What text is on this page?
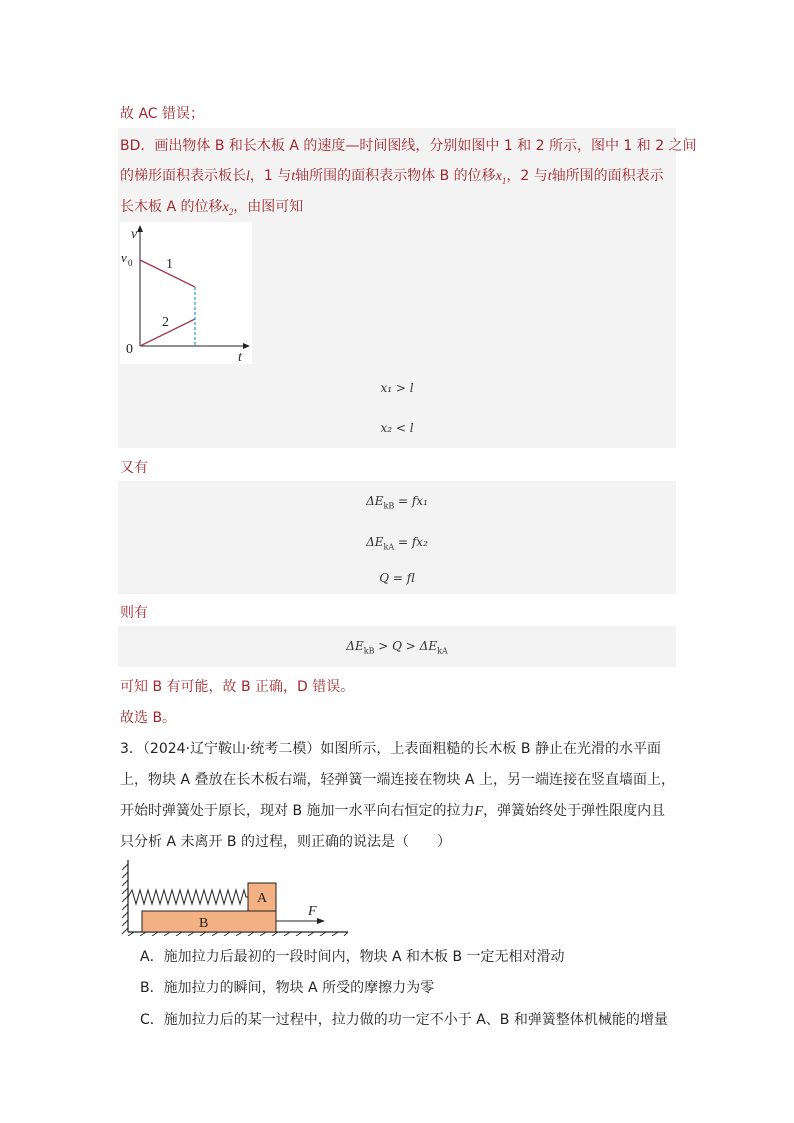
故 AC 错误；
BD．画出物体 B 和长木板 A 的速度—时间图线，分别如图中 1 和 2 所示，图中 1 和 2 之间
的梯形面积表示板长l，1 与t轴所围的面积表示物体 B 的位移$x_1$，2 与t轴所围的面积表示
长木板 A 的位移$x_2$，由图可知
v
v 0 1
2
0
t
x₁ > l
x₂ < l
又有
$\Delta E_{kB} = fx_1$
$\Delta E_{kA} = fx_2$
Q = fl
则有
$\Delta E_{kB} > Q > \Delta E_{kA}$
可知 B 有可能，故 B 正确，D 错误。
故选 B。
3．（2024·辽宁鞍山·统考二模）如图所示，上表面粗糙的长木板 B 静止在光滑的水平面
上，物块 A 叠放在长木板右端，轻弹簧一端连接在物块 A 上，另一端连接在竖直墙面上，
开始时弹簧处于原长，现对 B 施加一水平向右恒定的拉力F，弹簧始终处于弹性限度内且
只分析 A 未离开 B 的过程，则正确的说法是（　　）
A
B
F
A．施加拉力后最初的一段时间内，物块 A 和木板 B 一定无相对滑动
B．施加拉力的瞬间，物块 A 所受的摩擦力为零
C．施加拉力后的某一过程中，拉力做的功一定不小于 A、B 和弹簧整体机械能的增量
